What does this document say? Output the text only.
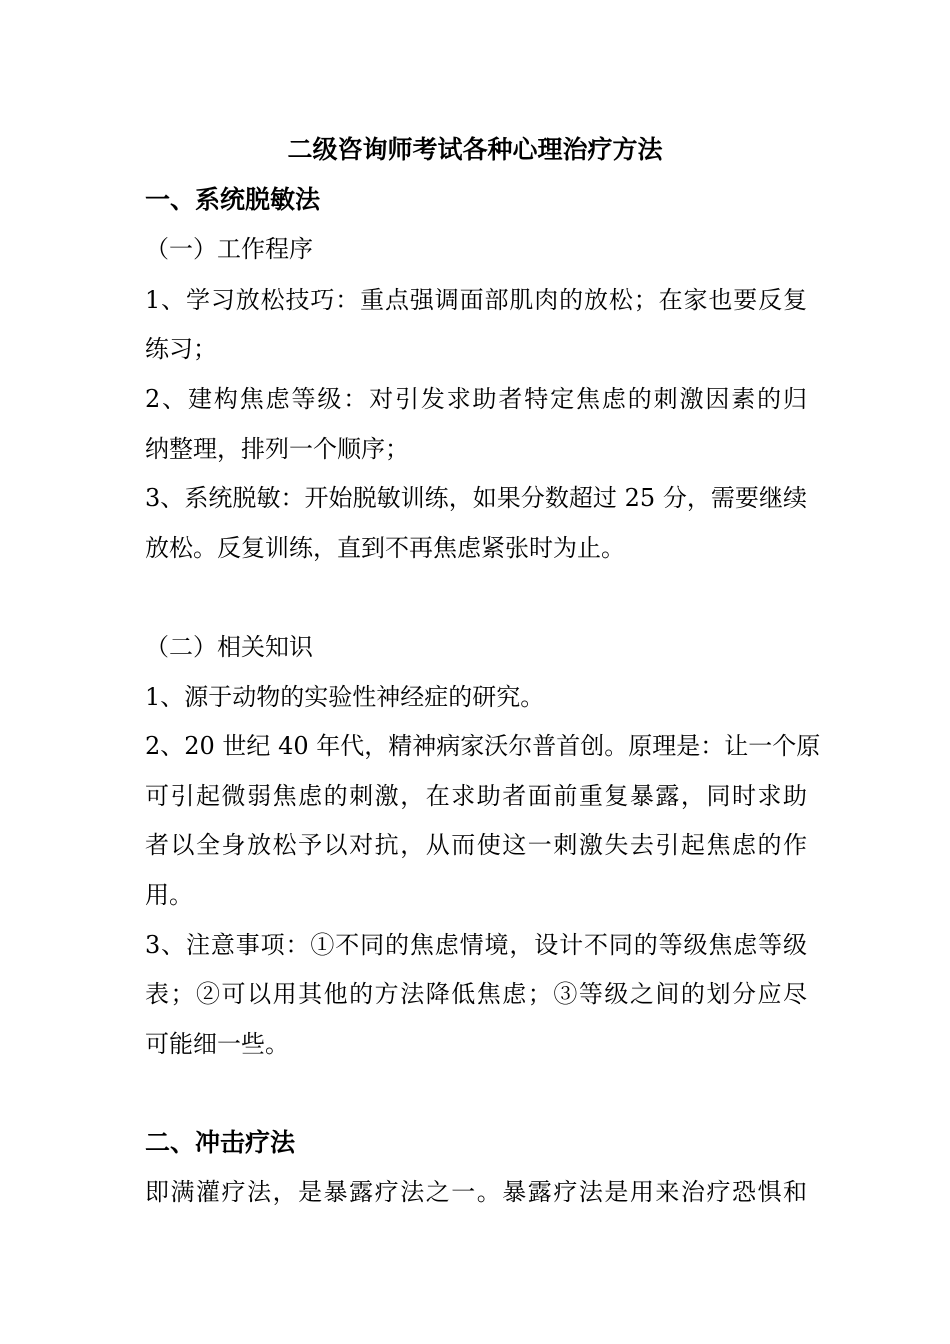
二级咨询师考试各种心理治疗方法
一、系统脱敏法
（一）工作程序
1、学习放松技巧：重点强调面部肌肉的放松；在家也要反复
练习；
2、建构焦虑等级：对引发求助者特定焦虑的刺激因素的归
纳整理，排列一个顺序；
3、系统脱敏：开始脱敏训练，如果分数超过 25 分，需要继续
放松。反复训练，直到不再焦虑紧张时为止。
（二）相关知识
1、源于动物的实验性神经症的研究。
2、20 世纪 40 年代，精神病家沃尔普首创。原理是：让一个原
可引起微弱焦虑的刺激，在求助者面前重复暴露，同时求助
者以全身放松予以对抗，从而使这一刺激失去引起焦虑的作
用。
3、注意事项：①不同的焦虑情境，设计不同的等级焦虑等级
表；②可以用其他的方法降低焦虑；③等级之间的划分应尽
可能细一些。
二、冲击疗法
即满灌疗法，是暴露疗法之一。暴露疗法是用来治疗恐惧和
